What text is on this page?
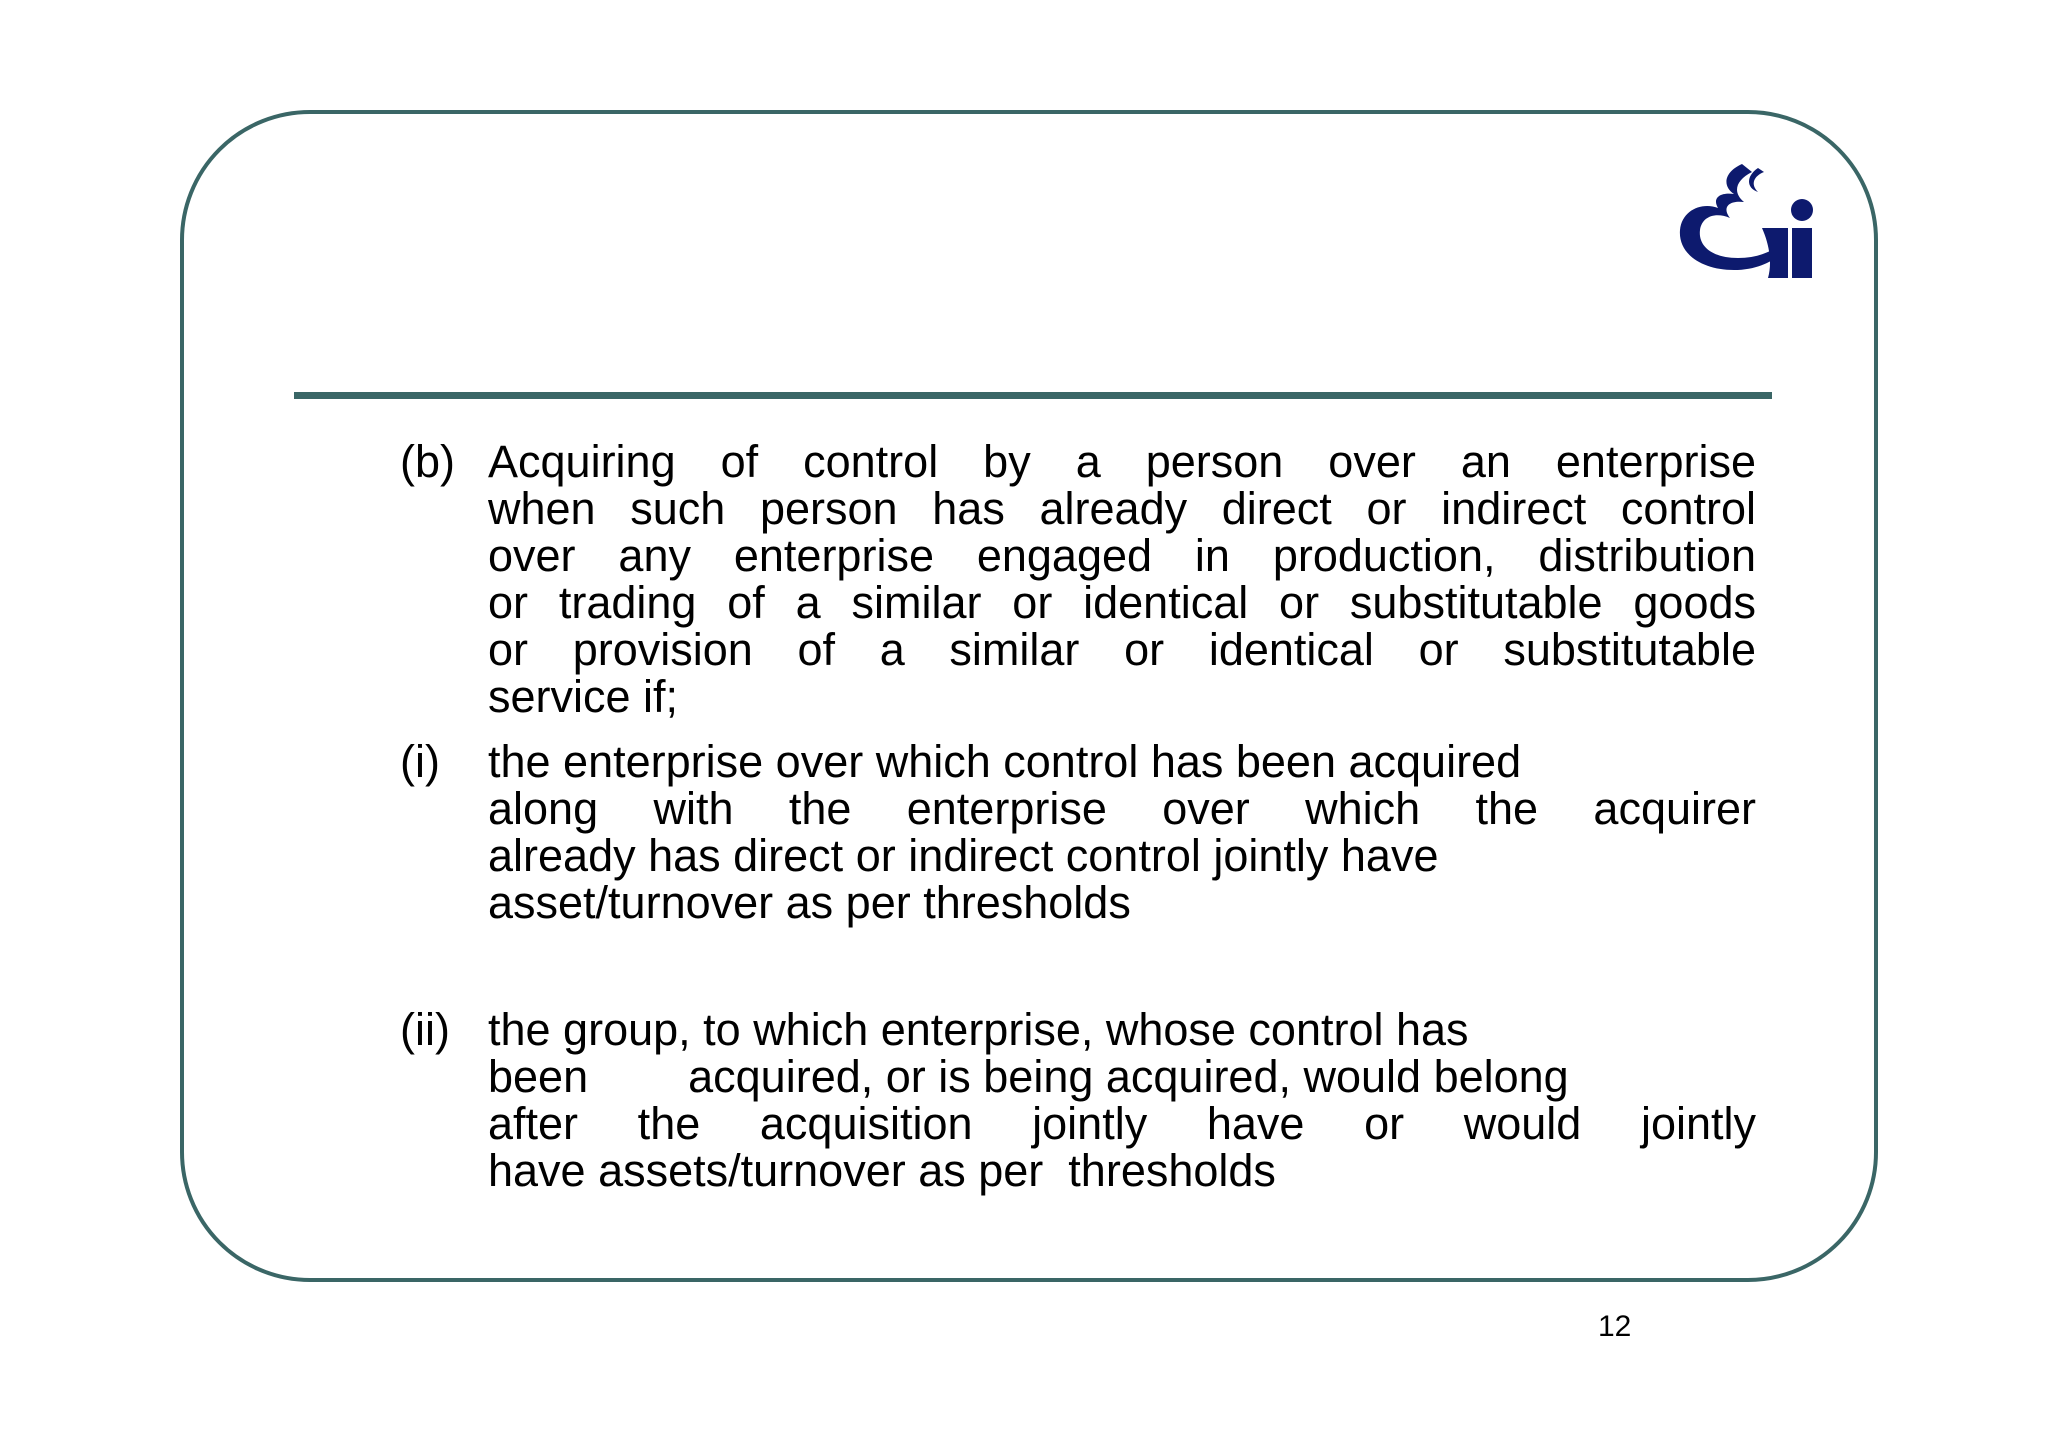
(b) Acquiring of control by a person over an enterprise
when such person has already direct or indirect control
over any enterprise engaged in production, distribution
or trading of a similar or identical or substitutable goods
or provision of a similar or identical or substitutable
service if;
(i) the enterprise over which control has been acquired
along with the enterprise over which the acquirer
already has direct or indirect control jointly have
asset/turnover as per thresholds
(ii) the group, to which enterprise, whose control has
been        acquired, or is being acquired, would belong
after the acquisition jointly have or would jointly
have assets/turnover as per  thresholds
12
